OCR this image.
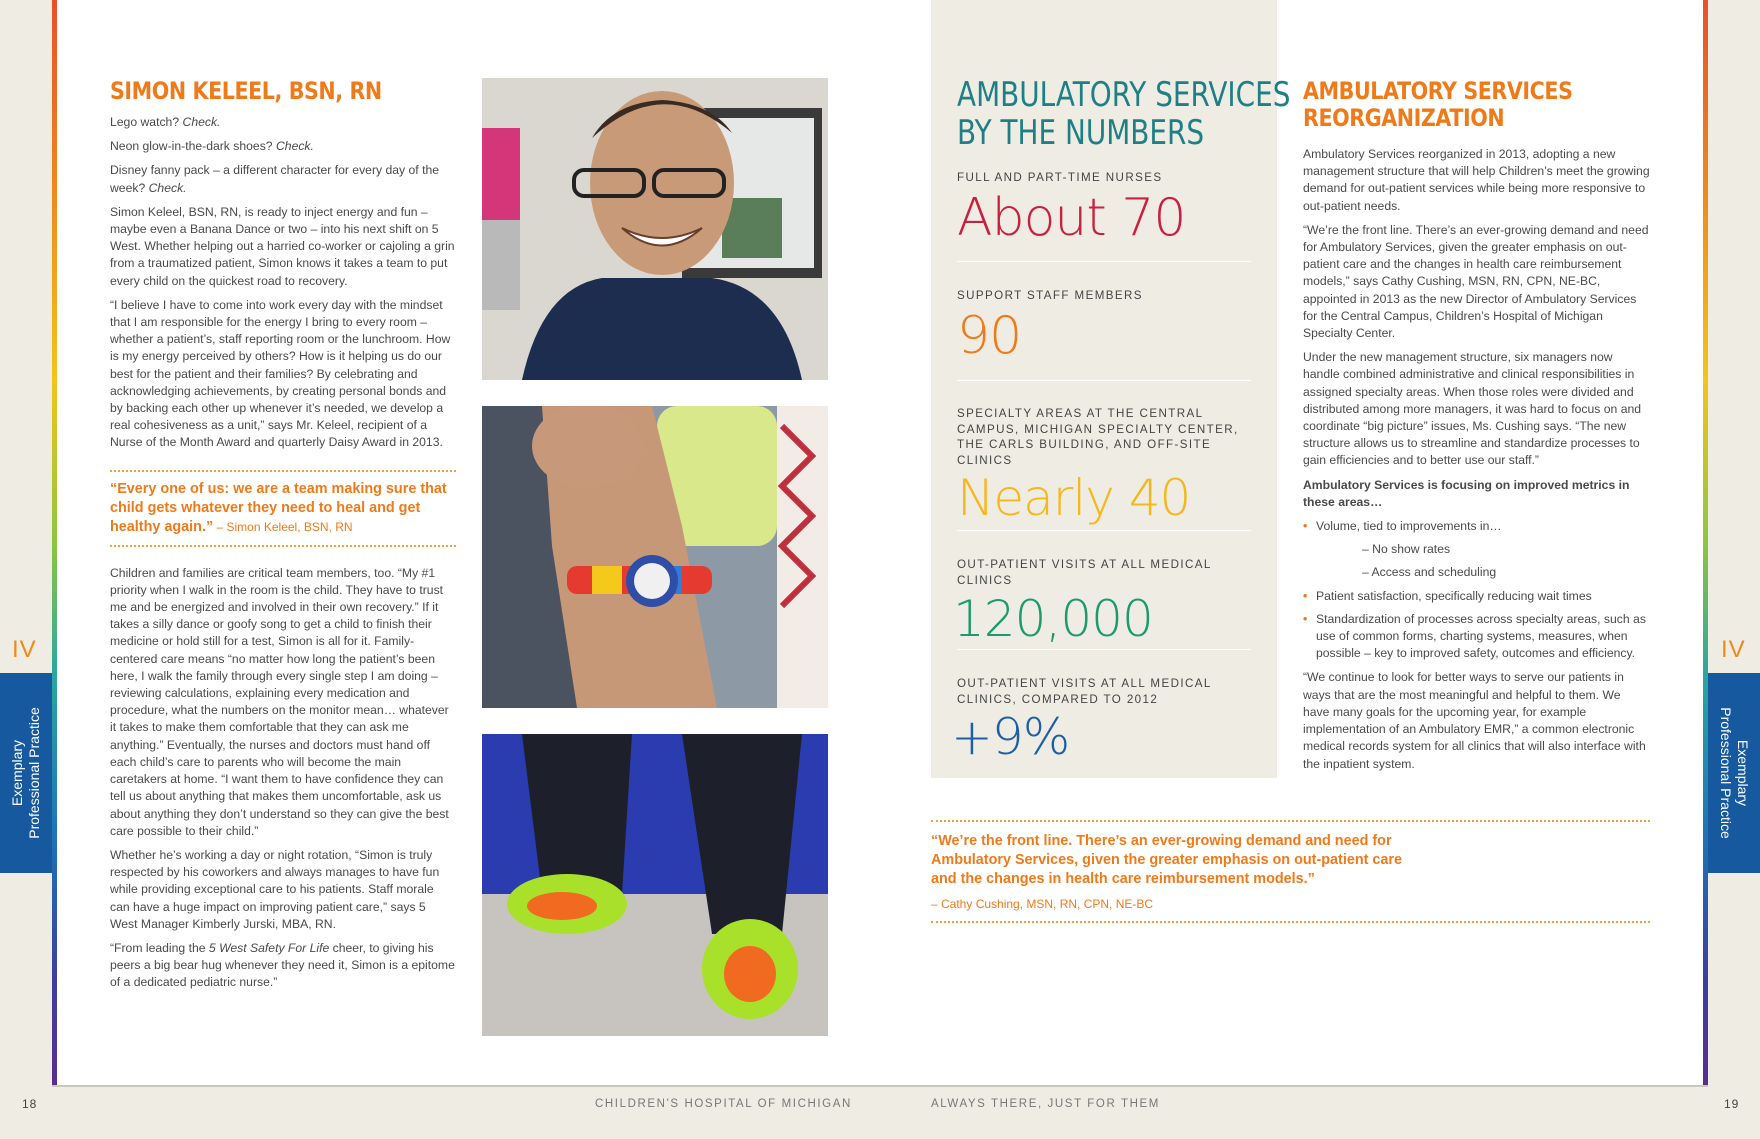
IV	IV
Exemplary Professional Practice	Exemplary
Professional Practice
18	19
CHILDREN'S HOSPITAL OF MICHIGAN	ALWAYS THERE, JUST FOR THEM
SIMON KELEEL, BSN, RN

Lego watch? Check.

Neon glow-in-the-dark shoes? Check.

Disney fanny pack – a different character for every day of the week? Check.

Simon Keleel, BSN, RN, is ready to inject energy and fun – maybe even a Banana Dance or two – into his next shift on 5 West. Whether helping out a harried co-worker or cajoling a grin from a traumatized patient, Simon knows it takes a team to put every child on the quickest road to recovery.

“I believe I have to come into work every day with the mindset that I am responsible for the energy I bring to every room – whether a patient’s, staff reporting room or the lunchroom. How is my energy perceived by others? How is it helping us do our best for the patient and their families? By celebrating and acknowledging achievements, by creating personal bonds and by backing each other up whenever it’s needed, we develop a real cohesiveness as a unit,” says Mr. Keleel, recipient of a Nurse of the Month Award and quarterly Daisy Award in 2013.

“Every one of us: we are a team making sure that child gets whatever they need to heal and get healthy again.” – Simon Keleel, BSN, RN

Children and families are critical team members, too. “My #1 priority when I walk in the room is the child. They have to trust me and be energized and involved in their own recovery.” If it takes a silly dance or goofy song to get a child to finish their medicine or hold still for a test, Simon is all for it. Family-centered care means “no matter how long the patient’s been here, I walk the family through every single step I am doing – reviewing calculations, explaining every medication and procedure, what the numbers on the monitor mean… whatever it takes to make them comfortable that they can ask me anything.” Eventually, the nurses and doctors must hand off each child’s care to parents who will become the main caretakers at home. “I want them to have confidence they can tell us about anything that makes them uncomfortable, ask us about anything they don’t understand so they can give the best care possible to their child.”

Whether he’s working a day or night rotation, “Simon is truly respected by his coworkers and always manages to have fun while providing exceptional care to his patients. Staff morale can have a huge impact on improving patient care,” says 5 West Manager Kimberly Jurski, MBA, RN.

“From leading the 5 West Safety For Life cheer, to giving his peers a big bear hug whenever they need it, Simon is a epitome of a dedicated pediatric nurse.”

AMBULATORY SERVICES
BY THE NUMBERS
FULL AND PART-TIME NURSES
About 70
SUPPORT STAFF MEMBERS
90
SPECIALTY AREAS AT THE CENTRAL CAMPUS, MICHIGAN SPECIALTY CENTER, THE CARLS BUILDING, AND OFF-SITE CLINICS
Nearly 40
OUT-PATIENT VISITS AT ALL MEDICAL CLINICS
120,000
OUT-PATIENT VISITS AT ALL MEDICAL CLINICS, COMPARED TO 2012
+9%
AMBULATORY SERVICES
REORGANIZATION

Ambulatory Services reorganized in 2013, adopting a new management structure that will help Children’s meet the growing demand for out-patient services while being more responsive to out-patient needs.

“We’re the front line. There’s an ever-growing demand and need for Ambulatory Services, given the greater emphasis on out-patient care and the changes in health care reimbursement models,” says Cathy Cushing, MSN, RN, CPN, NE-BC, appointed in 2013 as the new Director of Ambulatory Services for the Central Campus, Children’s Hospital of Michigan Specialty Center.

Under the new management structure, six managers now handle combined administrative and clinical responsibilities in assigned specialty areas. When those roles were divided and distributed among more managers, it was hard to focus on and coordinate “big picture” issues, Ms. Cushing says. “The new structure allows us to streamline and standardize processes to gain efficiencies and to better use our staff.”

Ambulatory Services is focusing on improved metrics in these areas…

• Volume, tied to improvements in…
– No show rates
– Access and scheduling
• Patient satisfaction, specifically reducing wait times
• Standardization of processes across specialty areas, such as use of common forms, charting systems, measures, when possible – key to improved safety, outcomes and efficiency.

“We continue to look for better ways to serve our patients in ways that are the most meaningful and helpful to them. We have many goals for the upcoming year, for example implementation of an Ambulatory EMR,” a common electronic medical records system for all clinics that will also interface with the inpatient system.

“We’re the front line. There’s an ever-growing demand and need for Ambulatory Services, given the greater emphasis on out-patient care and the changes in health care reimbursement models.”
– Cathy Cushing, MSN, RN, CPN, NE-BC
